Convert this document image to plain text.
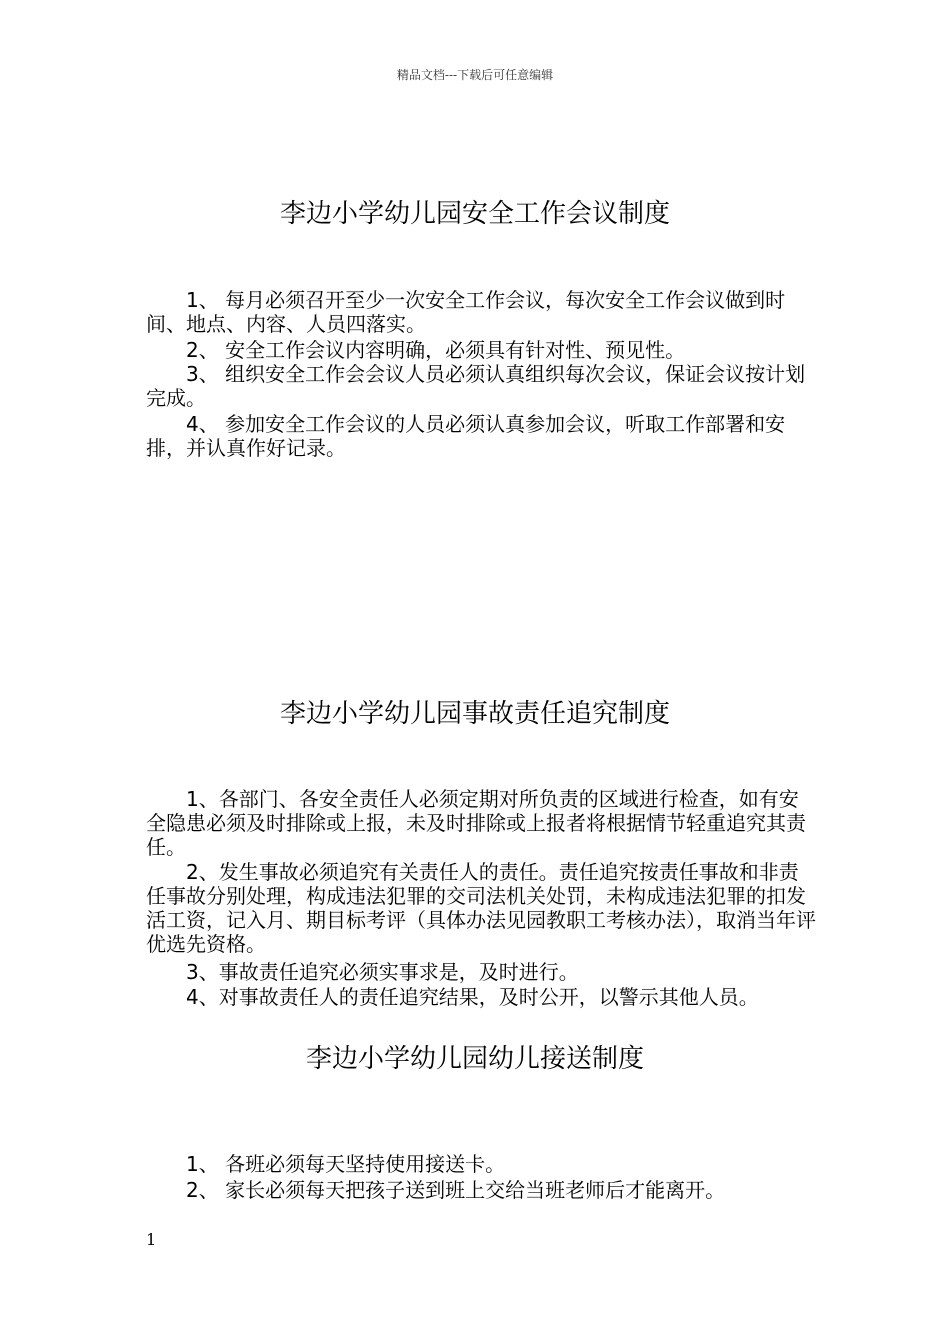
精品文档---下载后可任意编辑
李边小学幼儿园安全工作会议制度

1、 每月必须召开至少一次安全工作会议，每次安全工作会议做到时间、地点、内容、人员四落实。

2、 安全工作会议内容明确，必须具有针对性、预见性。

3、 组织安全工作会会议人员必须认真组织每次会议，保证会议按计划完成。

4、 参加安全工作会议的人员必须认真参加会议，听取工作部署和安排，并认真作好记录。

李边小学幼儿园事故责任追究制度

1、各部门、各安全责任人必须定期对所负责的区域进行检查，如有安全隐患必须及时排除或上报，未及时排除或上报者将根据情节轻重追究其责任。

2、发生事故必须追究有关责任人的责任。责任追究按责任事故和非责任事故分别处理，构成违法犯罪的交司法机关处罚，未构成违法犯罪的扣发活工资，记入月、期目标考评（具体办法见园教职工考核办法），取消当年评优选先资格。

3、事故责任追究必须实事求是，及时进行。

4、对事故责任人的责任追究结果，及时公开，以警示其他人员。

李边小学幼儿园幼儿接送制度

1、 各班必须每天坚持使用接送卡。

2、 家长必须每天把孩子送到班上交给当班老师后才能离开。

1
